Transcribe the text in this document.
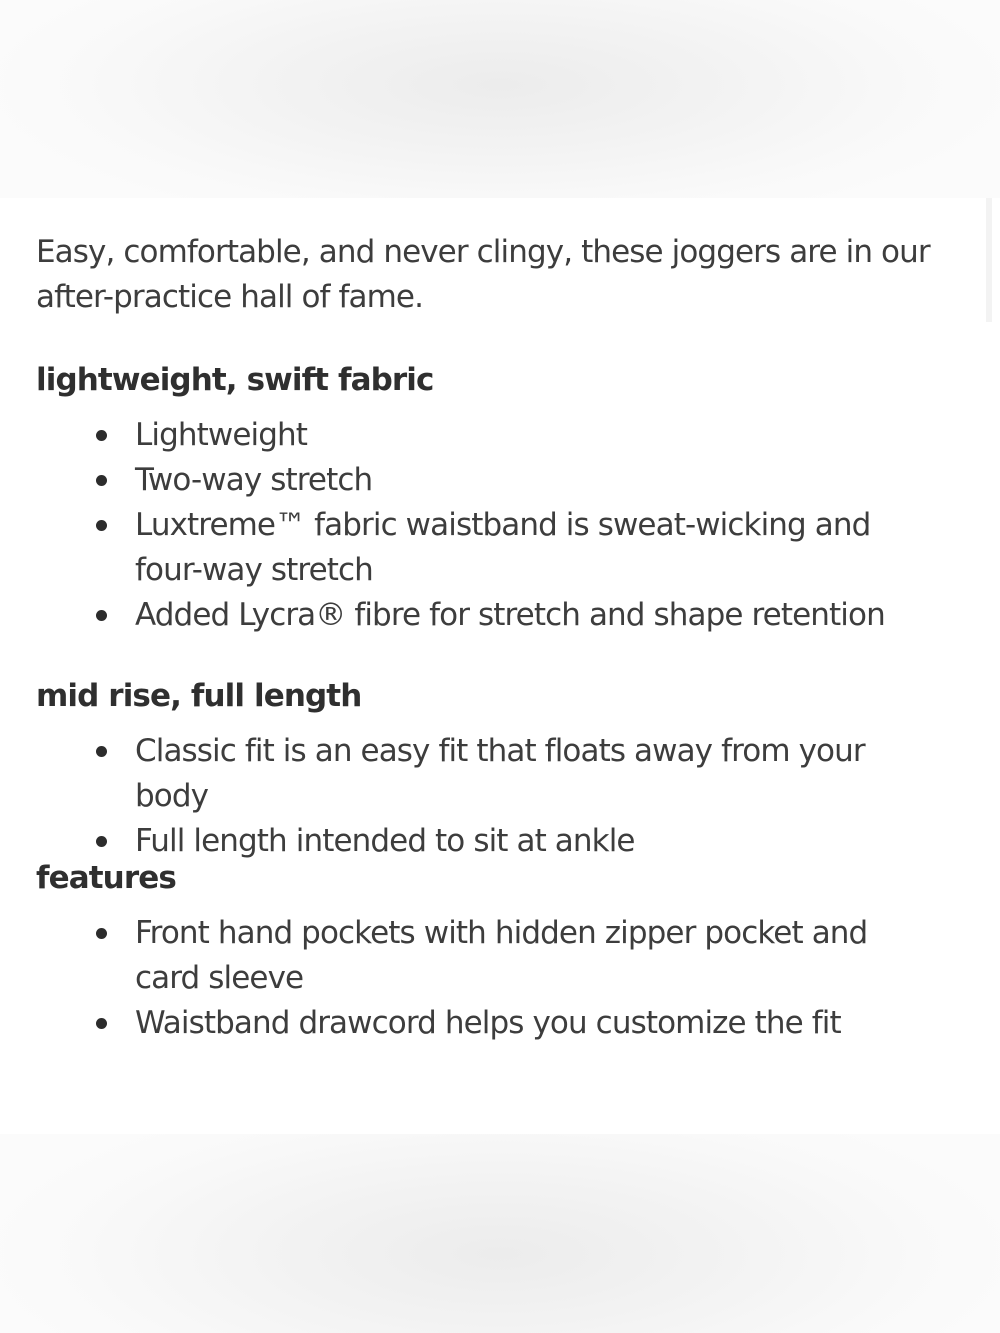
Easy, comfortable, and never clingy, these joggers are in our after-practice hall of fame.

lightweight, swift fabric
Lightweight
Two-way stretch
Luxtreme™ fabric waistband is sweat-wicking and four-way stretch
Added Lycra® fibre for stretch and shape retention
mid rise, full length
Classic fit is an easy fit that floats away from your body
Full length intended to sit at ankle
features
Front hand pockets with hidden zipper pocket and card sleeve
Waistband drawcord helps you customize the fit
